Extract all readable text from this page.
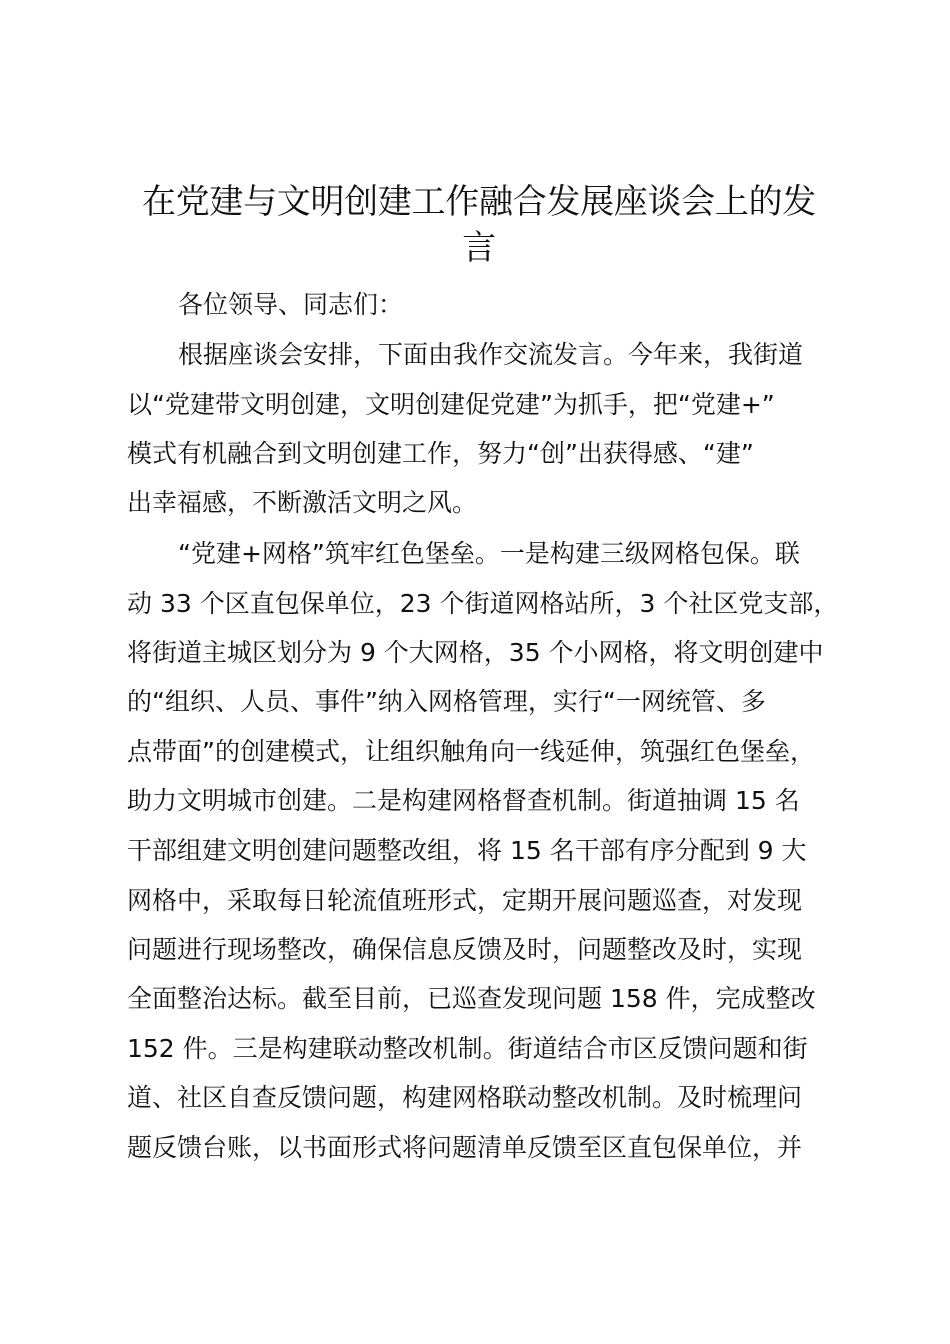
在党建与文明创建工作融合发展座谈会上的发
言
各位领导、同志们：
根据座谈会安排，下面由我作交流发言。今年来，我街道
以“党建带文明创建，文明创建促党建”为抓手，把“党建+”
模式有机融合到文明创建工作，努力“创”出获得感、“建”
出幸福感，不断激活文明之风。
“党建+网格”筑牢红色堡垒。一是构建三级网格包保。联
动 33 个区直包保单位，23 个街道网格站所，3 个社区党支部，
将街道主城区划分为 9 个大网格，35 个小网格，将文明创建中
的“组织、人员、事件”纳入网格管理，实行“一网统管、多
点带面”的创建模式，让组织触角向一线延伸，筑强红色堡垒，
助力文明城市创建。二是构建网格督查机制。街道抽调 15 名
干部组建文明创建问题整改组，将 15 名干部有序分配到 9 大
网格中，采取每日轮流值班形式，定期开展问题巡查，对发现
问题进行现场整改，确保信息反馈及时，问题整改及时，实现
全面整治达标。截至目前，已巡查发现问题 158 件，完成整改
152 件。三是构建联动整改机制。街道结合市区反馈问题和街
道、社区自查反馈问题，构建网格联动整改机制。及时梳理问
题反馈台账，以书面形式将问题清单反馈至区直包保单位，并
